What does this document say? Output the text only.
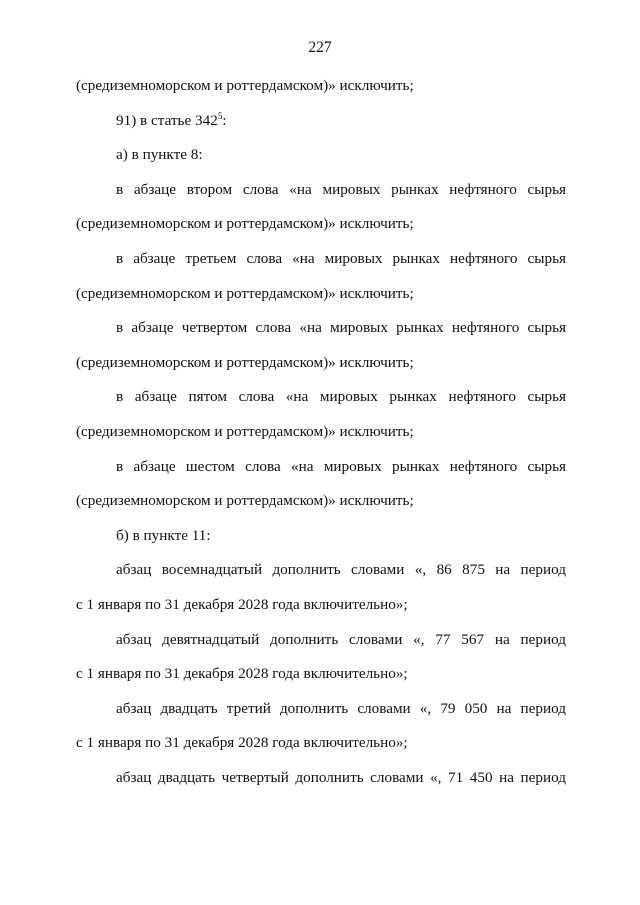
227
(средиземноморском и роттердамском)» исключить;
91) в статье $342^5$:
а) в пункте 8:
в абзаце втором слова «на мировых рынках нефтяного сырья
(средиземноморском и роттердамском)» исключить;
в абзаце третьем слова «на мировых рынках нефтяного сырья
(средиземноморском и роттердамском)» исключить;
в абзаце четвертом слова «на мировых рынках нефтяного сырья
(средиземноморском и роттердамском)» исключить;
в абзаце пятом слова «на мировых рынках нефтяного сырья
(средиземноморском и роттердамском)» исключить;
в абзаце шестом слова «на мировых рынках нефтяного сырья
(средиземноморском и роттердамском)» исключить;
б) в пункте 11:
абзац восемнадцатый дополнить словами «, 86 875 на период
с 1 января по 31 декабря 2028 года включительно»;
абзац девятнадцатый дополнить словами «, 77 567 на период
с 1 января по 31 декабря 2028 года включительно»;
абзац двадцать третий дополнить словами «, 79 050 на период
с 1 января по 31 декабря 2028 года включительно»;
абзац двадцать четвертый дополнить словами «, 71 450 на период
